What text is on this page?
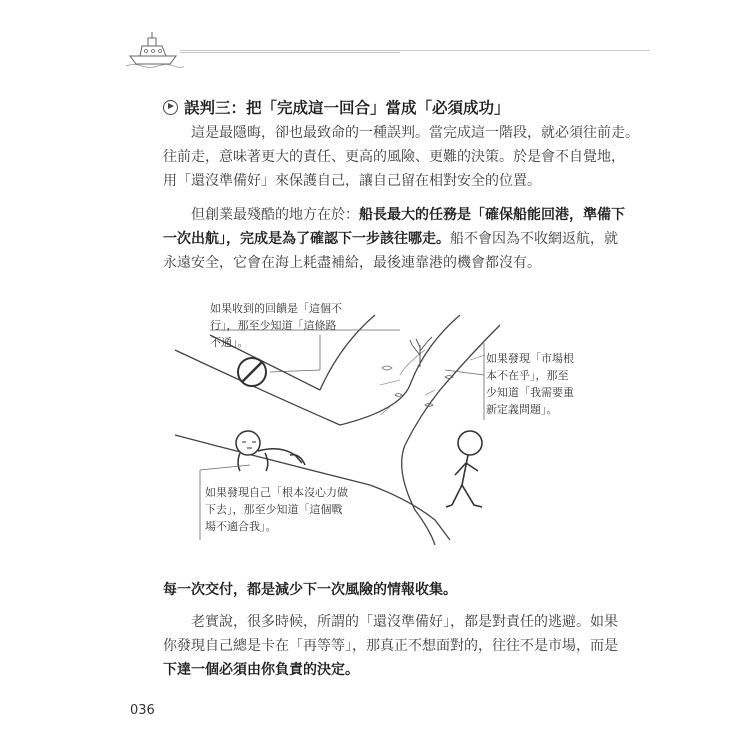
誤判三：把「完成這一回合」當成「必須成功」
這是最隱晦，卻也最致命的一種誤判。當完成這一階段，就必須往前走。
往前走，意味著更大的責任、更高的風險、更難的決策。於是會不自覺地，
用「還沒準備好」來保護自己，讓自己留在相對安全的位置。
但創業最殘酷的地方在於：船長最大的任務是「確保船能回港，準備下
一次出航」，完成是為了確認下一步該往哪走。船不會因為不收網返航，就
永遠安全，它會在海上耗盡補給，最後連靠港的機會都沒有。
如果收到的回饋是「這個不
行」，那至少知道「這條路
不通」。
如果發現「市場根
本不在乎」，那至
少知道「我需要重
新定義問題」。
如果發現自己「根本沒心力做
下去」，那至少知道「這個戰
場不適合我」。
每一次交付，都是減少下一次風險的情報收集。
老實說，很多時候，所謂的「還沒準備好」，都是對責任的逃避。如果
你發現自己總是卡在「再等等」，那真正不想面對的，往往不是市場，而是
下達一個必須由你負責的決定。
036
